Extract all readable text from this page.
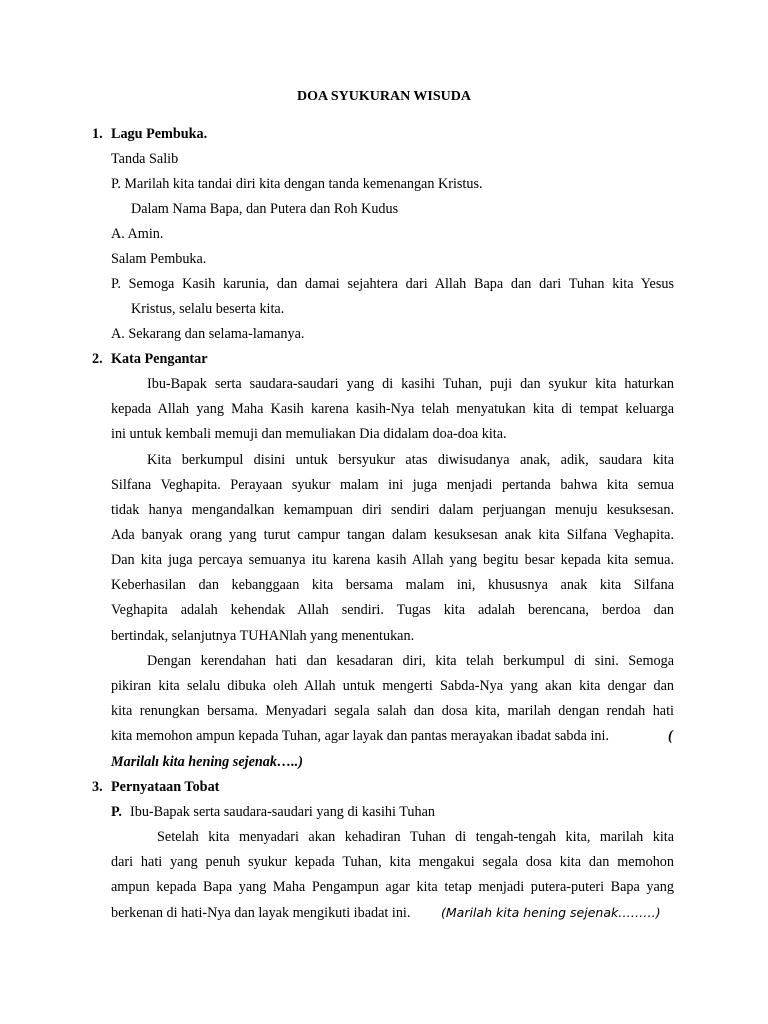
DOA SYUKURAN WISUDA
1. Lagu Pembuka.
Tanda Salib
P. Marilah kita tandai diri kita dengan tanda kemenangan Kristus.
Dalam Nama Bapa, dan Putera dan Roh Kudus
A. Amin.
Salam Pembuka.
P. Semoga Kasih karunia, dan damai sejahtera dari Allah Bapa dan dari Tuhan kita Yesus
Kristus, selalu beserta kita.
A. Sekarang dan selama-lamanya.
2. Kata Pengantar
Ibu-Bapak serta saudara-saudari yang di kasihi Tuhan, puji dan syukur kita haturkan
kepada Allah yang Maha Kasih karena kasih-Nya telah menyatukan kita di tempat keluarga
ini untuk kembali memuji dan memuliakan Dia didalam doa-doa kita.
Kita berkumpul disini untuk bersyukur atas diwisudanya anak, adik, saudara kita
Silfana Veghapita. Perayaan syukur malam ini juga menjadi pertanda bahwa kita semua
tidak hanya mengandalkan kemampuan diri sendiri dalam perjuangan menuju kesuksesan.
Ada banyak orang yang turut campur tangan dalam kesuksesan anak kita Silfana Veghapita.
Dan kita juga percaya semuanya itu karena kasih Allah yang begitu besar kepada kita semua.
Keberhasilan dan kebanggaan kita bersama malam ini, khususnya anak kita Silfana
Veghapita adalah kehendak Allah sendiri. Tugas kita adalah berencana, berdoa dan
bertindak, selanjutnya TUHANlah yang menentukan.
Dengan kerendahan hati dan kesadaran diri, kita telah berkumpul di sini. Semoga
pikiran kita selalu dibuka oleh Allah untuk mengerti Sabda-Nya yang akan kita dengar dan
kita renungkan bersama. Menyadari segala salah dan dosa kita, marilah dengan rendah hati
kita memohon ampun kepada Tuhan, agar layak dan pantas merayakan ibadat sabda ini.	(
Marilalı kita hening sejenak…..)
3. Pernyataan Tobat
P. Ibu-Bapak serta saudara-saudari yang di kasihi Tuhan
Setelah kita menyadari akan kehadiran Tuhan di tengah-tengah kita, marilah kita
dari hati yang penuh syukur kepada Tuhan, kita mengakui segala dosa kita dan memohon
ampun kepada Bapa yang Maha Pengampun agar kita tetap menjadi putera-puteri Bapa yang
berkenan di hati-Nya dan layak mengikuti ibadat ini. (Marilah kita hening sejenak………)
